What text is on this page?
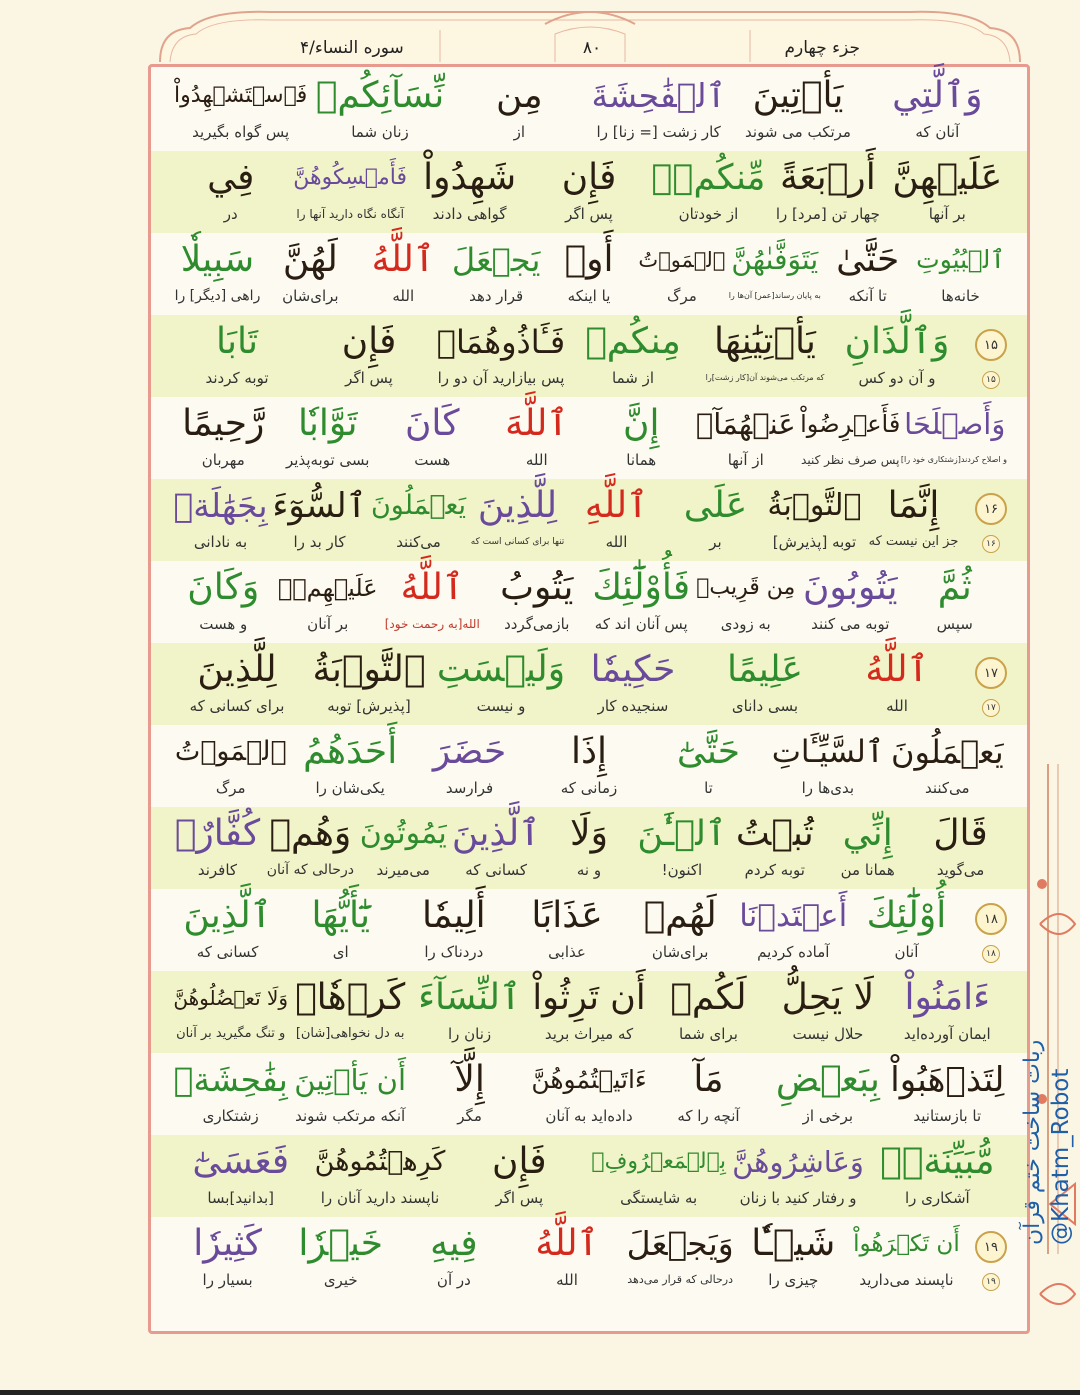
جزء چهارم
۸۰
سوره النساء/۴
وَٱلَّتِي
آنان که
يَأۡتِينَ
مرتکب می شوند
ٱلۡفَٰحِشَةَ
کار زشت [= زنا] را
مِن
از
نِّسَآئِكُمۡ
زنان شما
فَٱسۡتَشۡهِدُواْ
پس گواه بگیرید
عَلَيۡهِنَّ
بر آنها
أَرۡبَعَةً
چهار تن [مرد] را
مِّنكُمۡۖ
از خودتان
فَإِن
پس اگر
شَهِدُواْ
گواهی دادند
فَأَمۡسِكُوهُنَّ
آنگاه نگاه دارید آنها را
فِي
در
ٱلۡبُيُوتِ
خانه‌ها
حَتَّىٰ
تا آنکه
يَتَوَفَّىٰهُنَّ
به پایان رساند[عمر] آن‌ها را
ٱلۡمَوۡتُ
مرگ
أَوۡ
یا اینکه
يَجۡعَلَ
قرار دهد
ٱللَّهُ
الله
لَهُنَّ
برای‌شان
سَبِيلٗا
راهی [دیگر] را
وَٱلَّذَانِ
و آن دو کس
يَأۡتِيَٰنِهَا
که مرتکب می‌شوند آن[کار زشت]را
مِنكُمۡ
از شما
فَـَٔاذُوهُمَاۖ
پس بیازارید آن دو را
فَإِن
پس اگر
تَابَا
توبه کردند
۱۵
۱۵
وَأَصۡلَحَا
و اصلاح کردند[زشتکاری خود را]
فَأَعۡرِضُواْ
پس صرف نظر کنید
عَنۡهُمَآۗ
از آنها
إِنَّ
همانا
ٱللَّهَ
الله
كَانَ
هست
تَوَّابٗا
بسی توبه‌پذیر
رَّحِيمًا
مهربان
إِنَّمَا
جز این نیست که
ٱلتَّوۡبَةُ
توبه [پذیرش]
عَلَى
بر
ٱللَّهِ
الله
لِلَّذِينَ
تنها برای کسانی است که
يَعۡمَلُونَ
می‌کنند
ٱلسُّوٓءَ
کار بد را
بِجَهَٰلَةٖ
به نادانی
۱۶
۱۶
ثُمَّ
سپس
يَتُوبُونَ
توبه می کنند
مِن قَرِيبٖ
به زودی
فَأُوْلَٰٓئِكَ
پس آنان اند که
يَتُوبُ
بازمی‌گردد
ٱللَّهُ
الله[به رحمت خود]
عَلَيۡهِمۡۗ
بر آنان
وَكَانَ
و هست
ٱللَّهُ
الله
عَلِيمًا
بسی دانای
حَكِيمٗا
سنجیده کار
وَلَيۡسَتِ
و نیست
ٱلتَّوۡبَةُ
[پذیرش] توبه
لِلَّذِينَ
برای کسانی که
۱۷
۱۷
يَعۡمَلُونَ
می‌کنند
ٱلسَّيِّـَٔاتِ
بدی‌ها را
حَتَّىٰٓ
تا
إِذَا
زمانی که
حَضَرَ
فرارسد
أَحَدَهُمُ
یکی‌شان را
ٱلۡمَوۡتُ
مرگ
قَالَ
می‌گوید
إِنِّي
همانا من
تُبۡتُ
توبه کردم
ٱلۡـَٰٔنَ
اکنون!
وَلَا
و نه
ٱلَّذِينَ
کسانی که
يَمُوتُونَ
می‌میرند
وَهُمۡ
درحالی که آنان
كُفَّارٌۚ
کافرند
أُوْلَٰٓئِكَ
آنان
أَعۡتَدۡنَا
آماده کردیم
لَهُمۡ
برای‌شان
عَذَابًا
عذابی
أَلِيمٗا
دردناک را
يَٰٓأَيُّهَا
ای
ٱلَّذِينَ
کسانی که
۱۸
۱۸
ءَامَنُواْ
ایمان آورده‌اید
لَا يَحِلُّ
حلال نیست
لَكُمۡ
برای شما
أَن تَرِثُواْ
که میراث برید
ٱلنِّسَآءَ
زنان را
كَرۡهٗاۖ
به دل نخواهی[شان]
وَلَا تَعۡضُلُوهُنَّ
و تنگ مگیرید بر آنان
لِتَذۡهَبُواْ
تا بازستانید
بِبَعۡضِ
برخی از
مَآ
آنچه را که
ءَاتَيۡتُمُوهُنَّ
داده‌اید به آنان
إِلَّآ
مگر
أَن يَأۡتِينَ
آنکه مرتکب شوند
بِفَٰحِشَةٖ
زشتکاری
مُّبَيِّنَةٖۚ
آشکاری را
وَعَاشِرُوهُنَّ
و رفتار کنید با زنان
بِٱلۡمَعۡرُوفِۚ
به شایستگی
فَإِن
پس اگر
كَرِهۡتُمُوهُنَّ
ناپسند دارید آنان را
فَعَسَىٰٓ
[بدانید]بسا
أَن تَكۡرَهُواْ
ناپسند می‌دارید
شَيۡـٔٗا
چیزی را
وَيَجۡعَلَ
درحالی که قرار می‌دهد
ٱللَّهُ
الله
فِيهِ
در آن
خَيۡرٗا
خیری
كَثِيرٗا
بسیار را
۱۹
۱۹
ربات ساخت ختم قرآن @Khatm_Robot
